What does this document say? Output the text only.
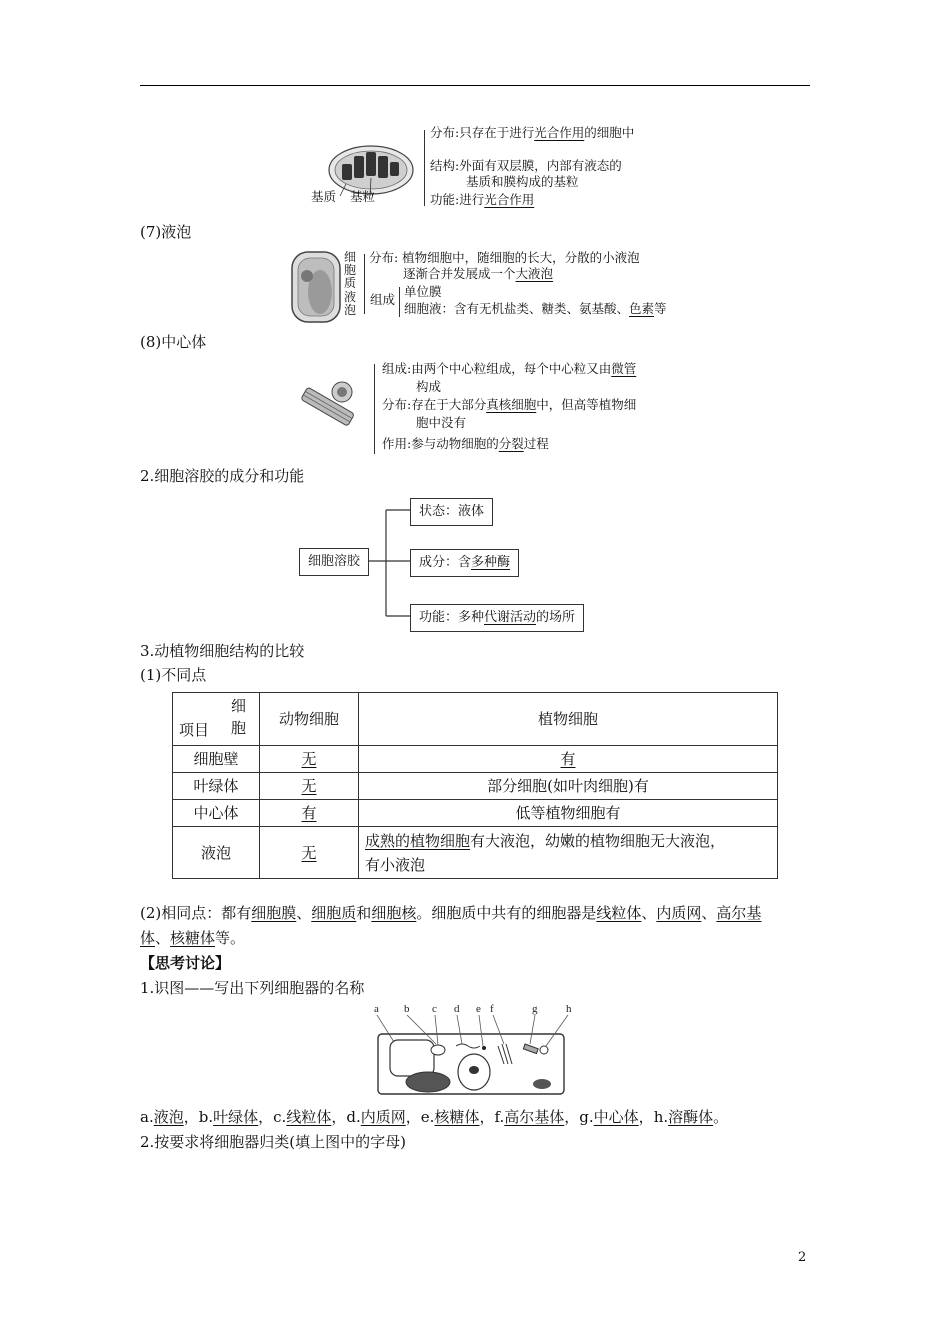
基质 基粒
分布:只存在于进行光合作用的细胞中
结构:外面有双层膜，内部有液态的
基质和膜构成的基粒
功能:进行光合作用
(7)液泡
细胞质
液泡
分布: 植物细胞中，随细胞的长大，分散的小液泡
逐渐合并发展成一个大液泡
组成
单位膜
细胞液：含有无机盐类、糖类、氨基酸、色素等
(8)中心体
组成:由两个中心粒组成，每个中心粒又由微管
构成
分布:存在于大部分真核细胞中，但高等植物细
胞中没有
作用:参与动物细胞的分裂过程
2.细胞溶胶的成分和功能
细胞溶胶
状态：液体
成分：含多种酶
功能：多种代谢活动的场所
3.动植物细胞结构的比较
(1)不同点
细胞
项目	动物细胞	植物细胞
细胞壁	无	有
叶绿体	无	部分细胞(如叶肉细胞)有
中心体	有	低等植物细胞有
液泡	无	成熟的植物细胞有大液泡，幼嫩的植物细胞无大液泡，
有小液泡
(2)相同点：都有细胞膜、细胞质和细胞核。细胞质中共有的细胞器是线粒体、内质网、高尔基
体、核糖体等。
【思考讨论】
1.识图——写出下列细胞器的名称
a b c d e f	g	h
a.液泡，b.叶绿体，c.线粒体，d.内质网，e.核糖体，f.高尔基体，g.中心体，h.溶酶体。
2.按要求将细胞器归类(填上图中的字母)
2
